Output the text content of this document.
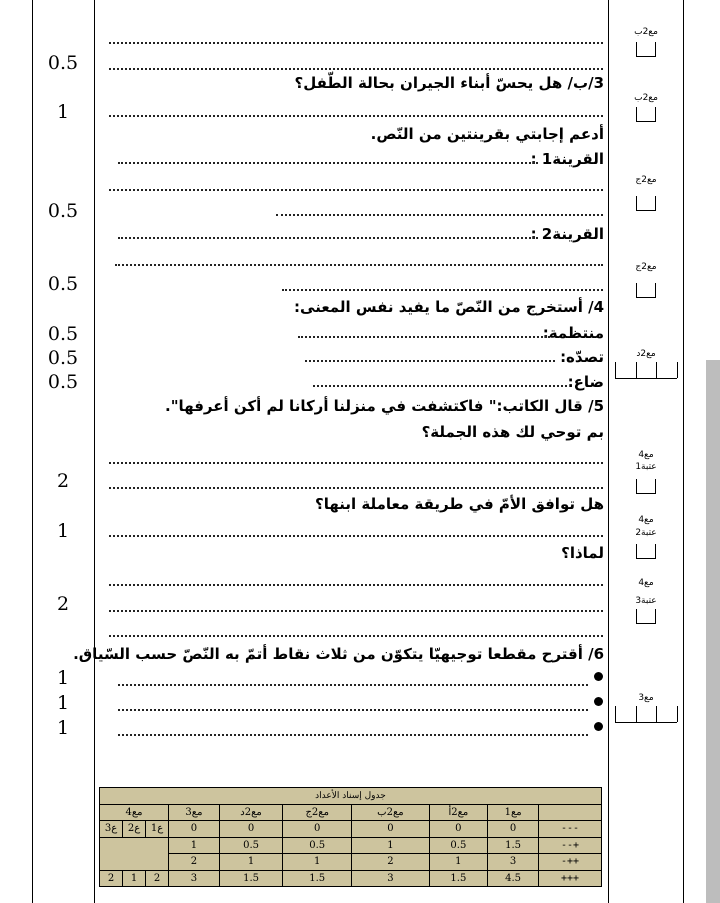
0.5
1
0.5
0.5
0.5
0.5
0.5
2
1
2
1
1
1
3/ب/ هل يحسّ أبناء الجيران بحالة الطّفل؟
أدعم إجابتي بقرينتين من النّص.
القرينة1 :
القرينة2 :
4/ أستخرج من النّصّ ما يفيد نفس المعنى:
منتظمة:
تصدّه:
ضاع:
5/ قال الكاتب:" فاكتشفت في منزلنا أركانا لم أكن أعرفها".
بم توحي لك هذه الجملة؟
هل توافق الأمّ في طريقة معاملة ابنها؟
لماذا؟
6/ أقترح مقطعا توجيهيّا يتكوّن من ثلاث نقاط أتمّ به النّصّ حسب السّياق.
مع2ب
مع2ب
مع2ج
مع2ج
مع2د
مع4
عتبة1
مع4
عتبة2
مع4
عتبة3
مع3
جدول إسناد الأعداد									
	مع1	مع2أ	مع2ب	مع2ج	مع2د	مع3	مع4		
---	0	0	0	0	0	0	ع1	ع2	ع3
+--	1.5	0.5	1	0.5	0.5	1			
++-	3	1	2	1	1	2			
+++	4.5	1.5	3	1.5	1.5	3	2	1	2
